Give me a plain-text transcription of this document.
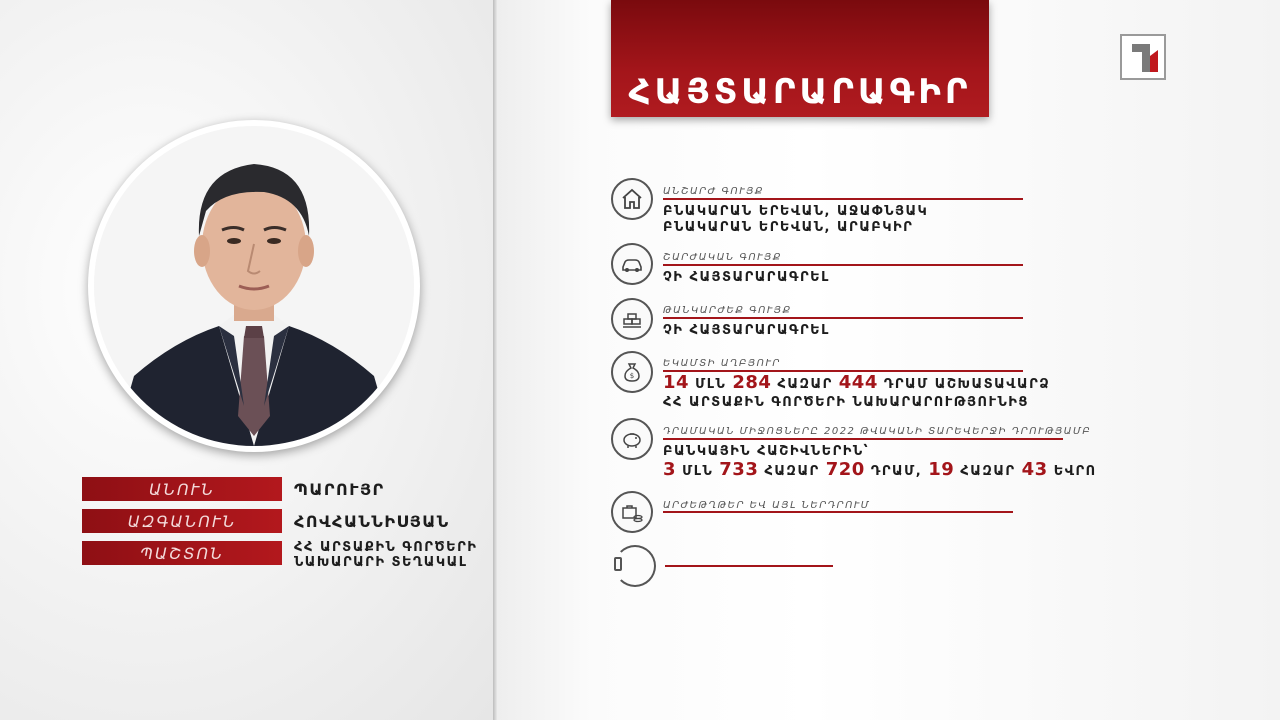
ԱՆՈՒՆ	ՊԱՐՈՒՅՐ
ԱԶԳԱՆՈՒՆ	ՀՈՎՀԱՆՆԻՍՅԱՆ
ՊԱՇՏՈՆ	ՀՀ ԱՐՏԱՔԻՆ ԳՈՐԾԵՐԻ
ՆԱԽԱՐԱՐԻ ՏԵՂԱԿԱԼ
ՀԱՅՏԱՐԱՐԱԳԻՐ
ԱՆՇԱՐԺ ԳՈՒՅՔ
ԲՆԱԿԱՐԱՆ ԵՐԵՎԱՆ, ԱՋԱՓՆՅԱԿ
ԲՆԱԿԱՐԱՆ ԵՐԵՎԱՆ, ԱՐԱԲԿԻՐ
ՇԱՐԺԱԿԱՆ ԳՈՒՅՔ
ՉԻ ՀԱՅՏԱՐԱՐԱԳՐԵԼ
ԹԱՆԿԱՐԺԵՔ ԳՈՒՅՔ
ՉԻ ՀԱՅՏԱՐԱՐԱԳՐԵԼ
$
ԵԿԱՄՏԻ ԱՂԲՅՈՒՐ
14 ՄԼՆ 284 ՀԱԶԱՐ 444 ԴՐԱՄ ԱՇԽԱՏԱՎԱՐՁ
ՀՀ ԱՐՏԱՔԻՆ ԳՈՐԾԵՐԻ ՆԱԽԱՐԱՐՈՒԹՅՈՒՆԻՑ
ԴՐԱՄԱԿԱՆ ՄԻՋՈՑՆԵՐԸ 2022 ԹՎԱԿԱՆԻ ՏԱՐԵՎԵՐՋԻ ԴՐՈՒԹՅԱՄԲ
ԲԱՆԿԱՅԻՆ ՀԱՇԻՎՆԵՐԻՆ՝
3 ՄԼՆ 733 ՀԱԶԱՐ 720 ԴՐԱՄ, 19 ՀԱԶԱՐ 43 ԵՎՐՈ
ԱՐԺԵԹՂԹԵՐ ԵՎ ԱՅԼ ՆԵՐԴՐՈՒՄ
